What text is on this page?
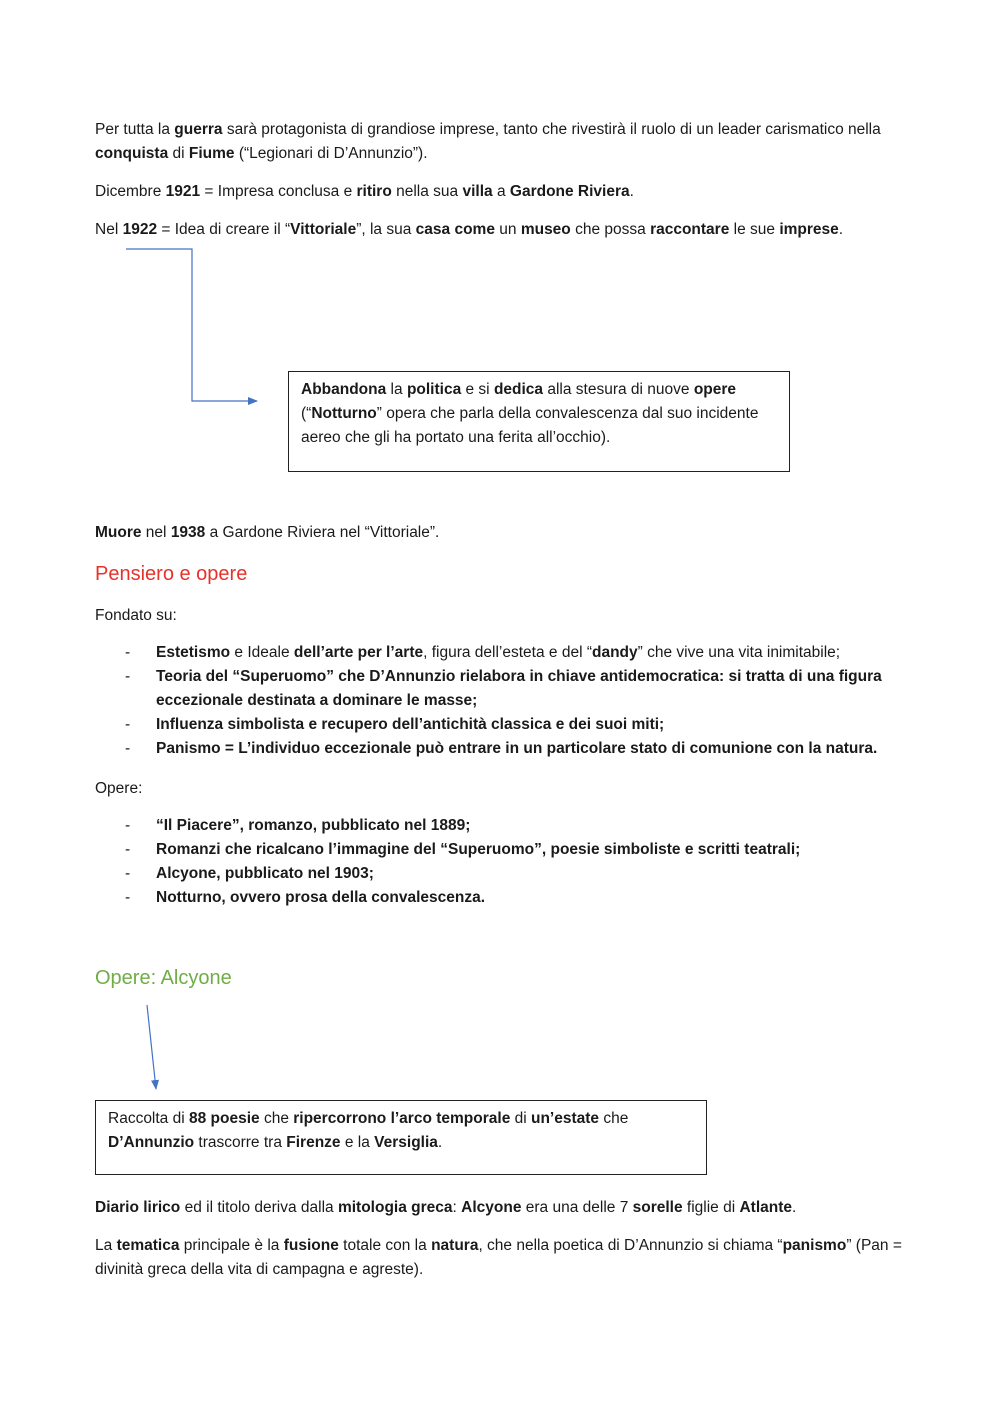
Per tutta la guerra sarà protagonista di grandiose imprese, tanto che rivestirà il ruolo di un leader carismatico nella conquista di Fiume (“Legionari di D’Annunzio”).
Dicembre 1921 = Impresa conclusa e ritiro nella sua villa a Gardone Riviera.
Nel 1922 = Idea di creare il “Vittoriale”, la sua casa come un museo che possa raccontare le sue imprese.
Abbandona la politica e si dedica alla stesura di nuove opere (“Notturno” opera che parla della convalescenza dal suo incidente aereo che gli ha portato una ferita all’occhio).
Muore nel 1938 a Gardone Riviera nel “Vittoriale”.
Pensiero e opere
Fondato su:
- Estetismo e Ideale dell’arte per l’arte, figura dell’esteta e del “dandy” che vive una vita inimitabile;
- Teoria del “Superuomo” che D’Annunzio rielabora in chiave antidemocratica: si tratta di una figura eccezionale destinata a dominare le masse;
- Influenza simbolista e recupero dell’antichità classica e dei suoi miti;
- Panismo = L’individuo eccezionale può entrare in un particolare stato di comunione con la natura.
Opere:
- “Il Piacere”, romanzo, pubblicato nel 1889;
- Romanzi che ricalcano l’immagine del “Superuomo”, poesie simboliste e scritti teatrali;
- Alcyone, pubblicato nel 1903;
- Notturno, ovvero prosa della convalescenza.
Opere: Alcyone
Raccolta di 88 poesie che ripercorrono l’arco temporale di un’estate che D’Annunzio trascorre tra Firenze e la Versiglia.
Diario lirico ed il titolo deriva dalla mitologia greca: Alcyone era una delle 7 sorelle figlie di Atlante.
La tematica principale è la fusione totale con la natura, che nella poetica di D’Annunzio si chiama “panismo” (Pan = divinità greca della vita di campagna e agreste).
